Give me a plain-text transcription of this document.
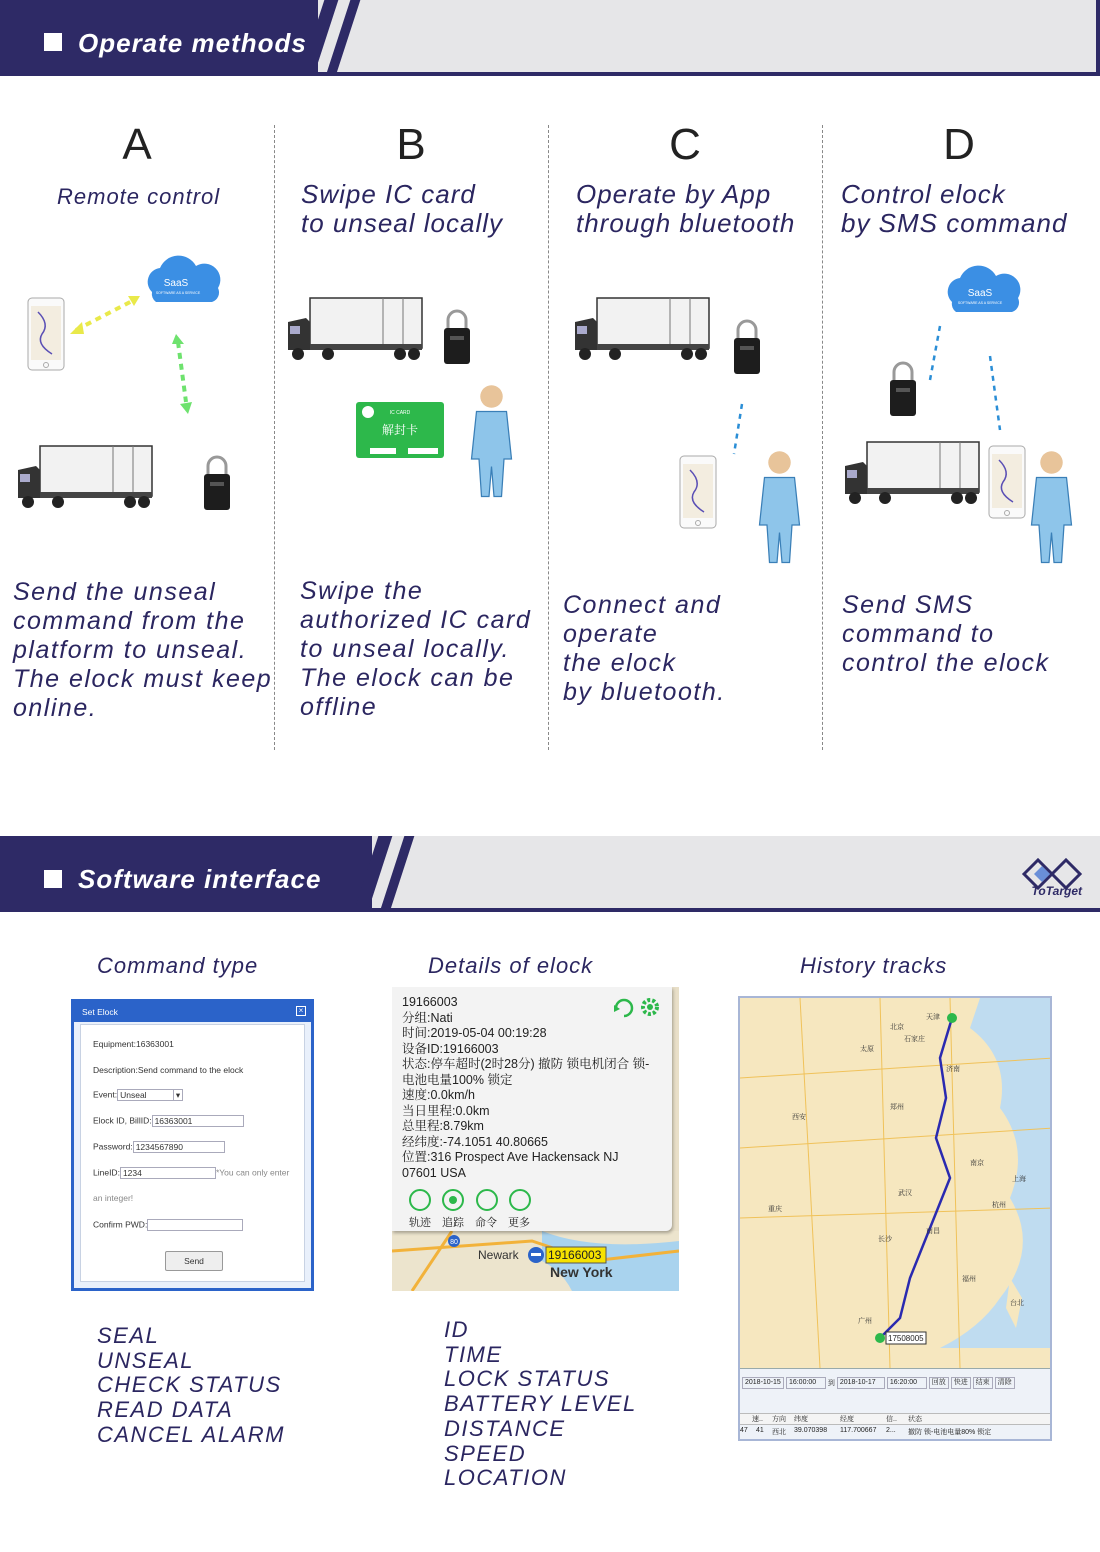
Operate methods
A
Remote control
Send the unseal
command from the
platform to unseal.
The elock must keep
online.
B
Swipe IC card
to unseal locally
Swipe the
authorized IC card
to unseal locally.
The elock can be
offline
C
Operate by App
through bluetooth
Connect and operate
the elock
by bluetooth.
D
Control elock
by SMS command
Send SMS
command to
control the elock
SaaS
SOFTWARE AS A SERVICE
IC CARD
解封卡
SaaS
SOFTWARE AS A SERVICE
Software interface	ToTarget
Command type	Details of elock	History tracks
Set Elock	×
Equipment:16363001
Description:Send command to the elock
Event: Unseal	▾
Elock ID, BillID: 16363001
Password: 1234567890
LineID: 1234	*You can only enter
an integer!
Confirm PWD:
Send
80
Newark 19166003
New York
19166003
分组:Nati
时间:2019-05-04 00:19:28
设备ID:19166003
状态:停车超时(2时28分) 撤防 锁电机闭合 锁-
电池电量100% 锁定
速度:0.0km/h
当日里程:0.0km
总里程:8.79km
经纬度:-74.1051 40.80665
位置:316 Prospect Ave Hackensack NJ
07601 USA
轨迹 追踪 命令 更多
17508005
天津
北京
石家庄
济南
郑州
武汉
南京
上海
杭州
南昌
长沙
福州
广州
台北
重庆
西安
太原
2018-10-15 16:00:00 到 2018-10-17 16:20:00 回放 快进 结束 清除
速.. 方向 纬度	经度	信.. 状态
47 41 西北 39.070398 117.700667 2... 撤防 锁-电池电量80% 锁定
SEAL
UNSEAL
CHECK STATUS
READ DATA
CANCEL ALARM
ID
TIME
LOCK STATUS
BATTERY LEVEL
DISTANCE
SPEED
LOCATION
